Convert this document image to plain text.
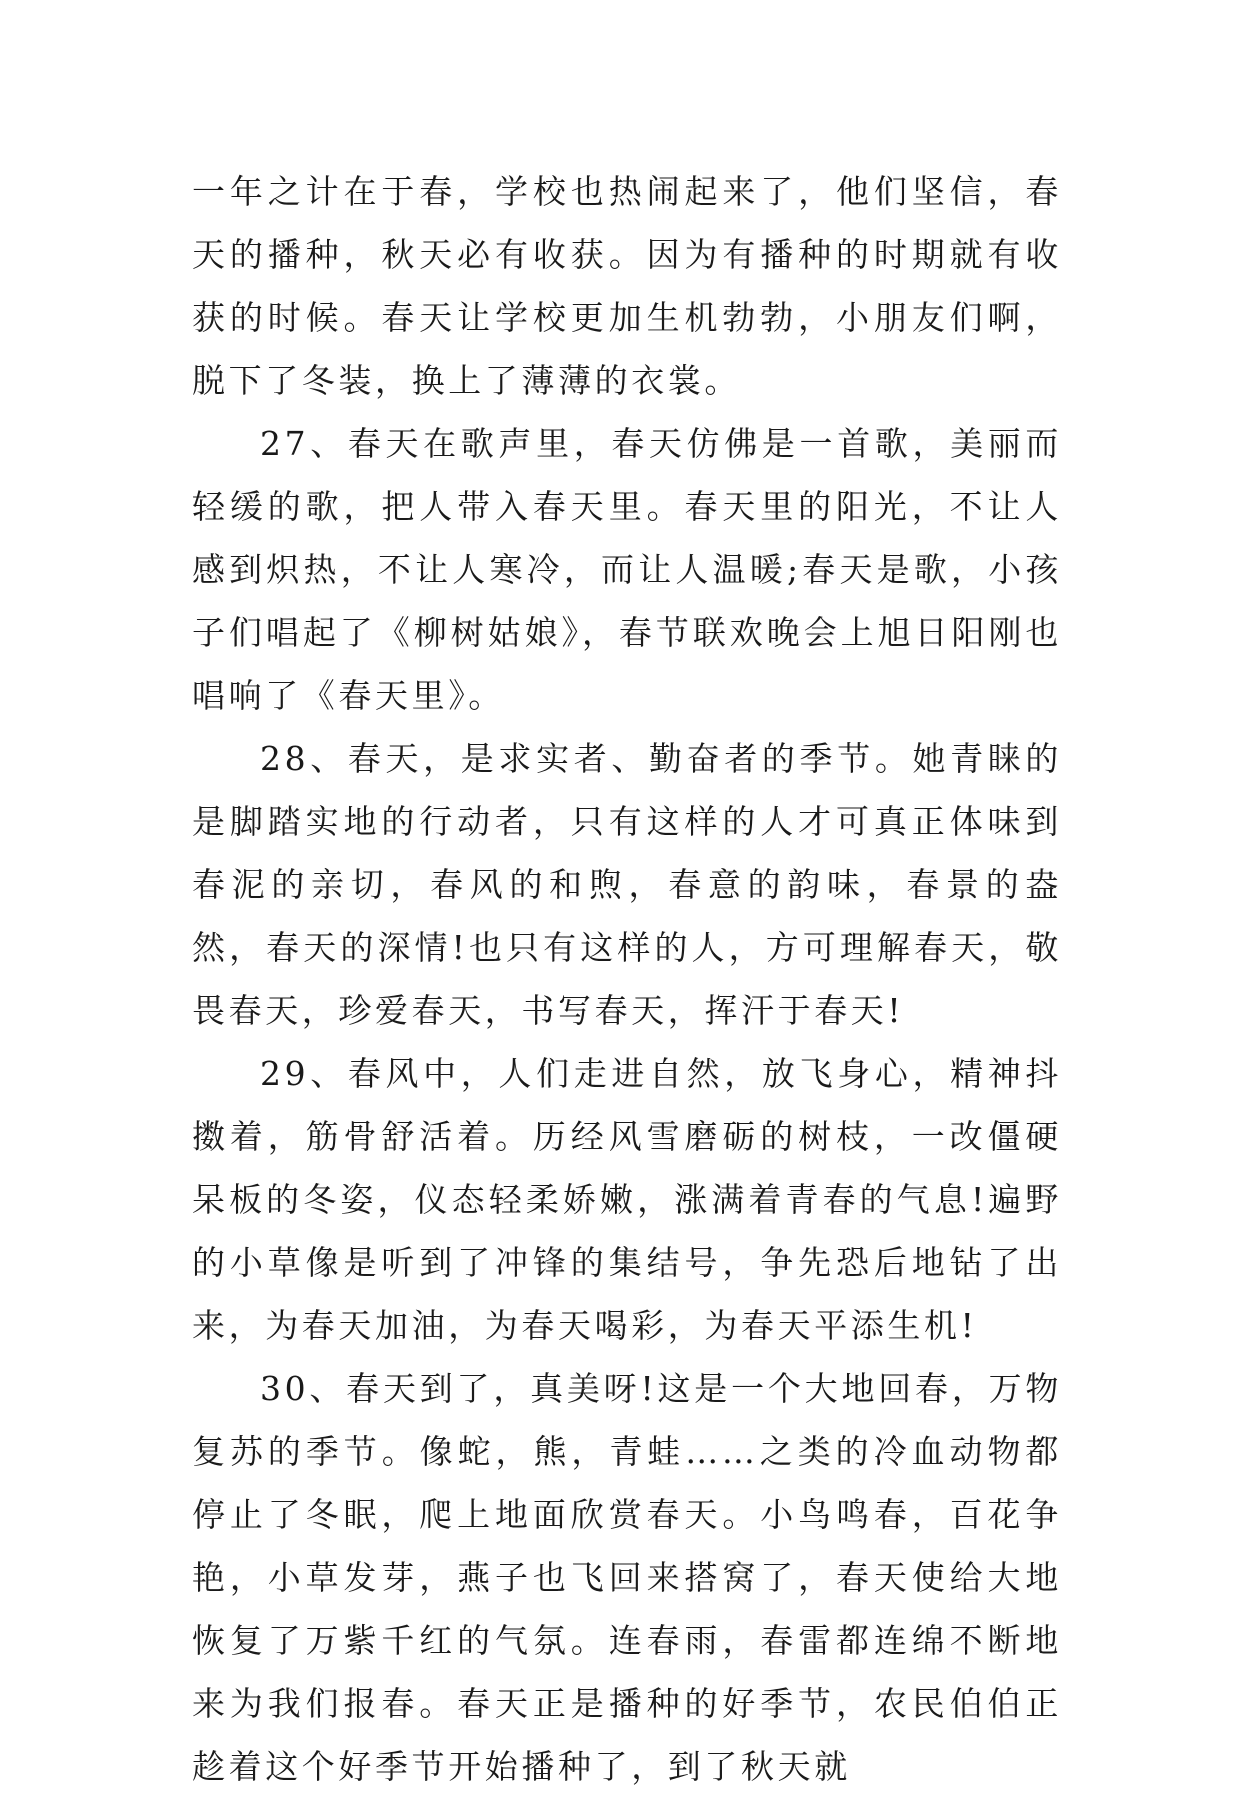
一年之计在于春，学校也热闹起来了，他们坚信，春天的播种，秋天必有收获。因为有播种的时期就有收获的时候。春天让学校更加生机勃勃，小朋友们啊，脱下了冬装，换上了薄薄的衣裳。

27、春天在歌声里，春天仿佛是一首歌，美丽而轻缓的歌，把人带入春天里。春天里的阳光，不让人感到炽热，不让人寒冷，而让人温暖;春天是歌，小孩子们唱起了《柳树姑娘》，春节联欢晚会上旭日阳刚也唱响了《春天里》。

28、春天，是求实者、勤奋者的季节。她青睐的是脚踏实地的行动者，只有这样的人才可真正体味到春泥的亲切，春风的和煦，春意的韵味，春景的盎然，春天的深情!也只有这样的人，方可理解春天，敬畏春天，珍爱春天，书写春天，挥汗于春天!

29、春风中，人们走进自然，放飞身心，精神抖擞着，筋骨舒活着。历经风雪磨砺的树枝，一改僵硬呆板的冬姿，仪态轻柔娇嫩，涨满着青春的气息!遍野的小草像是听到了冲锋的集结号，争先恐后地钻了出来，为春天加油，为春天喝彩，为春天平添生机!

30、春天到了，真美呀!这是一个大地回春，万物复苏的季节。像蛇，熊，青蛙……之类的冷血动物都停止了冬眠，爬上地面欣赏春天。小鸟鸣春，百花争艳，小草发芽，燕子也飞回来搭窝了，春天使给大地恢复了万紫千红的气氛。连春雨，春雷都连绵不断地来为我们报春。春天正是播种的好季节，农民伯伯正趁着这个好季节开始播种了，到了秋天就
